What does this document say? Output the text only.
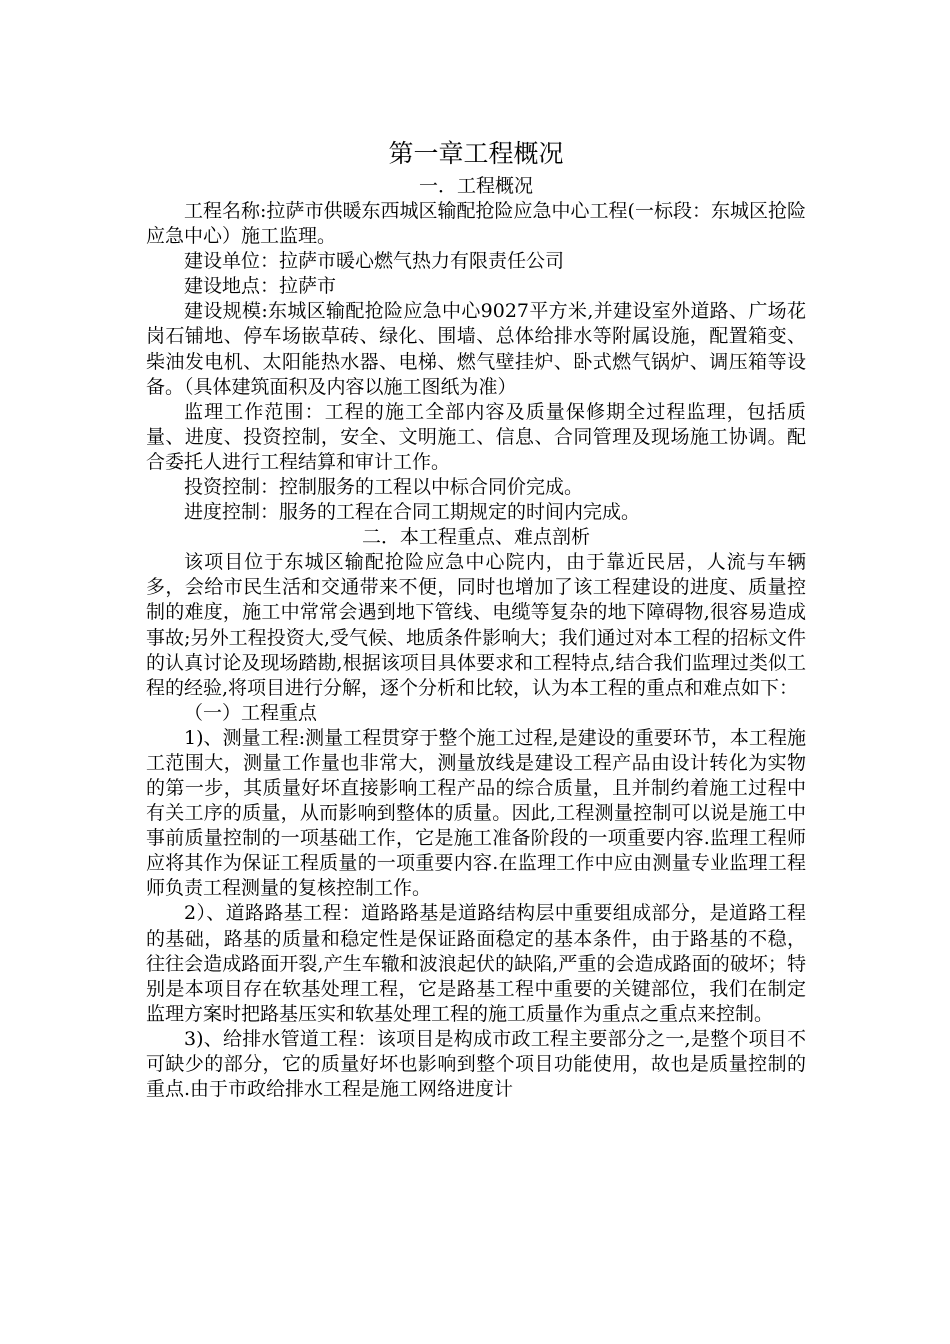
第一章工程概况

一．工程概况

工程名称:拉萨市供暖东西城区输配抢险应急中心工程(一标段：东城区抢险应急中心）施工监理。

建设单位：拉萨市暖心燃气热力有限责任公司

建设地点：拉萨市

建设规模:东城区输配抢险应急中心9027平方米,并建设室外道路、广场花岗石铺地、停车场嵌草砖、绿化、围墙、总体给排水等附属设施，配置箱变、柴油发电机、太阳能热水器、电梯、燃气壁挂炉、卧式燃气锅炉、调压箱等设备。（具体建筑面积及内容以施工图纸为准）

监理工作范围：工程的施工全部内容及质量保修期全过程监理，包括质量、进度、投资控制，安全、文明施工、信息、合同管理及现场施工协调。配合委托人进行工程结算和审计工作。

投资控制：控制服务的工程以中标合同价完成。

进度控制：服务的工程在合同工期规定的时间内完成。

二．本工程重点、难点剖析

该项目位于东城区输配抢险应急中心院内，由于靠近民居，人流与车辆多，会给市民生活和交通带来不便，同时也增加了该工程建设的进度、质量控制的难度，施工中常常会遇到地下管线、电缆等复杂的地下障碍物,很容易造成事故;另外工程投资大,受气候、地质条件影响大；我们通过对本工程的招标文件的认真讨论及现场踏勘,根据该项目具体要求和工程特点,结合我们监理过类似工程的经验,将项目进行分解，逐个分析和比较，认为本工程的重点和难点如下：

（一）工程重点

1)、测量工程:测量工程贯穿于整个施工过程,是建设的重要环节，本工程施工范围大，测量工作量也非常大，测量放线是建设工程产品由设计转化为实物的第一步，其质量好坏直接影响工程产品的综合质量，且并制约着施工过程中有关工序的质量，从而影响到整体的质量。因此,工程测量控制可以说是施工中事前质量控制的一项基础工作，它是施工准备阶段的一项重要内容.监理工程师应将其作为保证工程质量的一项重要内容.在监理工作中应由测量专业监理工程师负责工程测量的复核控制工作。

2）、道路路基工程：道路路基是道路结构层中重要组成部分，是道路工程的基础，路基的质量和稳定性是保证路面稳定的基本条件，由于路基的不稳，往往会造成路面开裂,产生车辙和波浪起伏的缺陷,严重的会造成路面的破坏；特别是本项目存在软基处理工程，它是路基工程中重要的关键部位，我们在制定监理方案时把路基压实和软基处理工程的施工质量作为重点之重点来控制。

3)、给排水管道工程：该项目是构成市政工程主要部分之一,是整个项目不可缺少的部分，它的质量好坏也影响到整个项目功能使用，故也是质量控制的重点.由于市政给排水工程是施工网络进度计
